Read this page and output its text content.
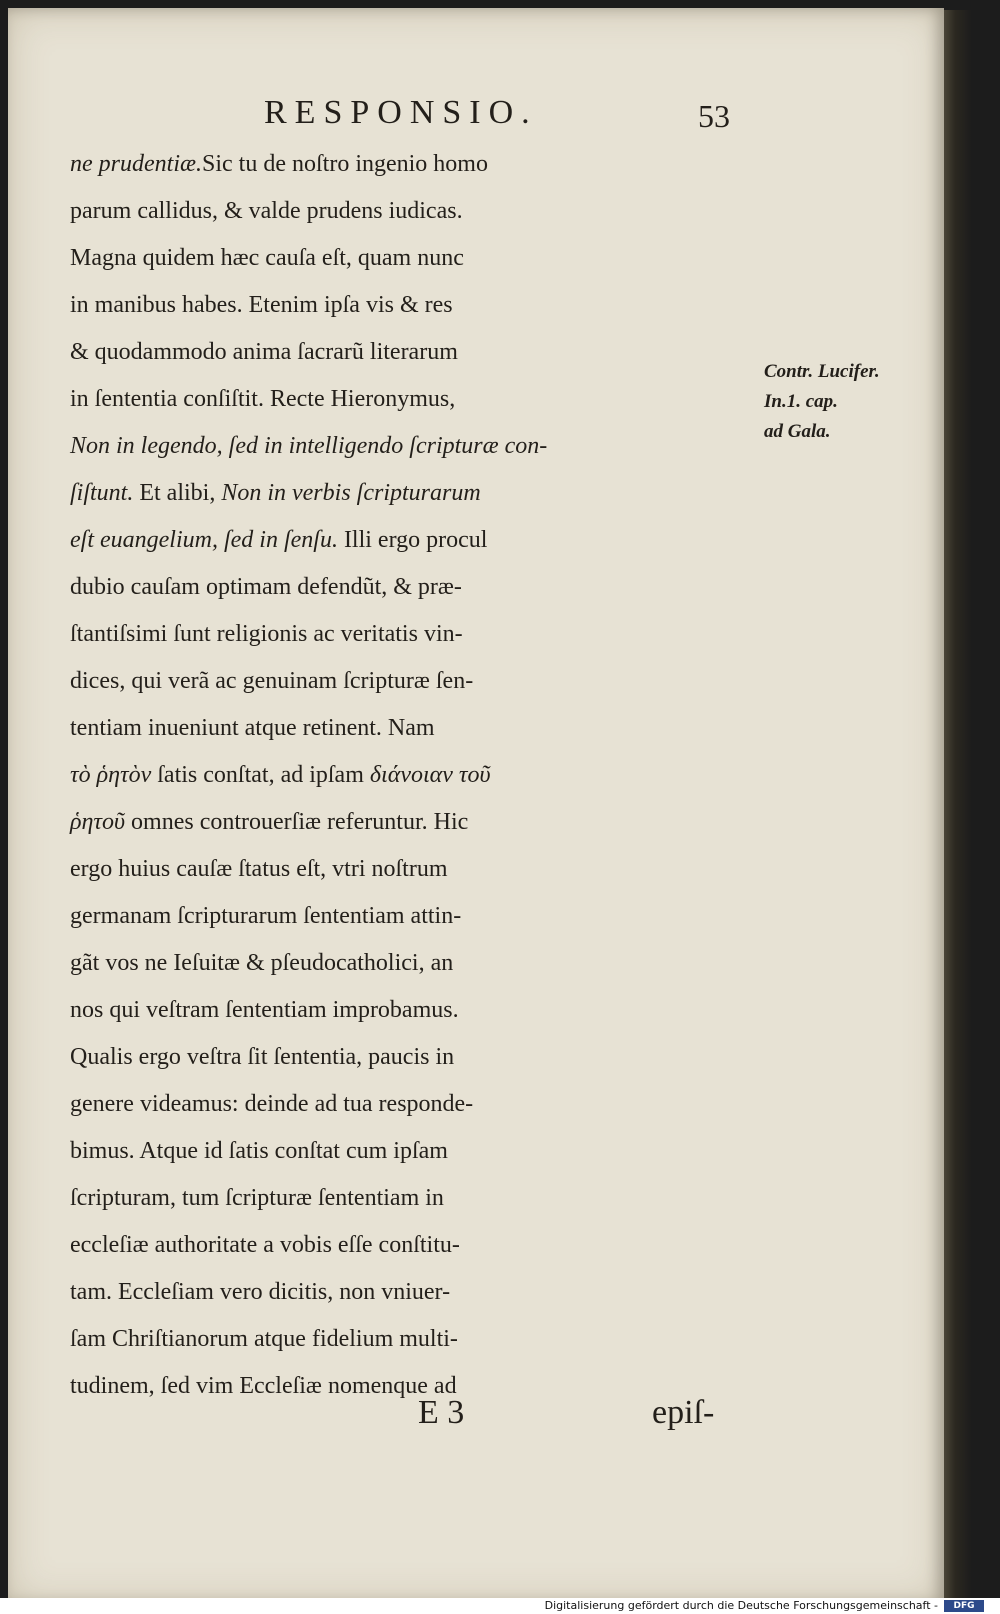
RESPONSIO.	53
ne prudentiæ.Sic tu de noſtro ingenio homo
parum callidus, & valde prudens iudicas.
Magna quidem hæc cauſa eſt, quam nunc
in manibus habes. Etenim ipſa vis & res
& quodammodo anima ſacrarũ literarum
in ſententia conſiſtit. Recte Hieronymus,
Non in legendo, ſed in intelligendo ſcripturæ con-
ſiſtunt. Et alibi, Non in verbis ſcripturarum
eſt euangelium, ſed in ſenſu. Illi ergo procul
dubio cauſam optimam defendũt, & præ-
ſtantiſsimi ſunt religionis ac veritatis vin-
dices, qui verã ac genuinam ſcripturæ ſen-
tentiam inueniunt atque retinent. Nam
τὸ ῥητὸν ſatis conſtat, ad ipſam διάνοιαν τοῦ
ῥητοῦ omnes controuerſiæ referuntur. Hic
ergo huius cauſæ ſtatus eſt, vtri noſtrum
germanam ſcripturarum ſententiam attin-
gãt vos ne Ieſuitæ & pſeudocatholici, an
nos qui veſtram ſententiam improbamus.
Qualis ergo veſtra ſit ſententia, paucis in
genere videamus: deinde ad tua responde-
bimus. Atque id ſatis conſtat cum ipſam
ſcripturam, tum ſcripturæ ſententiam in
eccleſiæ authoritate a vobis eſſe conſtitu-
tam. Eccleſiam vero dicitis, non vniuer-
ſam Chriſtianorum atque fidelium multi-
tudinem, ſed vim Eccleſiæ nomenque ad
Contr. Lucifer.
In.1. cap.
ad Gala.
E 3	epiſ-
Digitalisierung gefördert durch die Deutsche Forschungsgemeinschaft -	DFG
